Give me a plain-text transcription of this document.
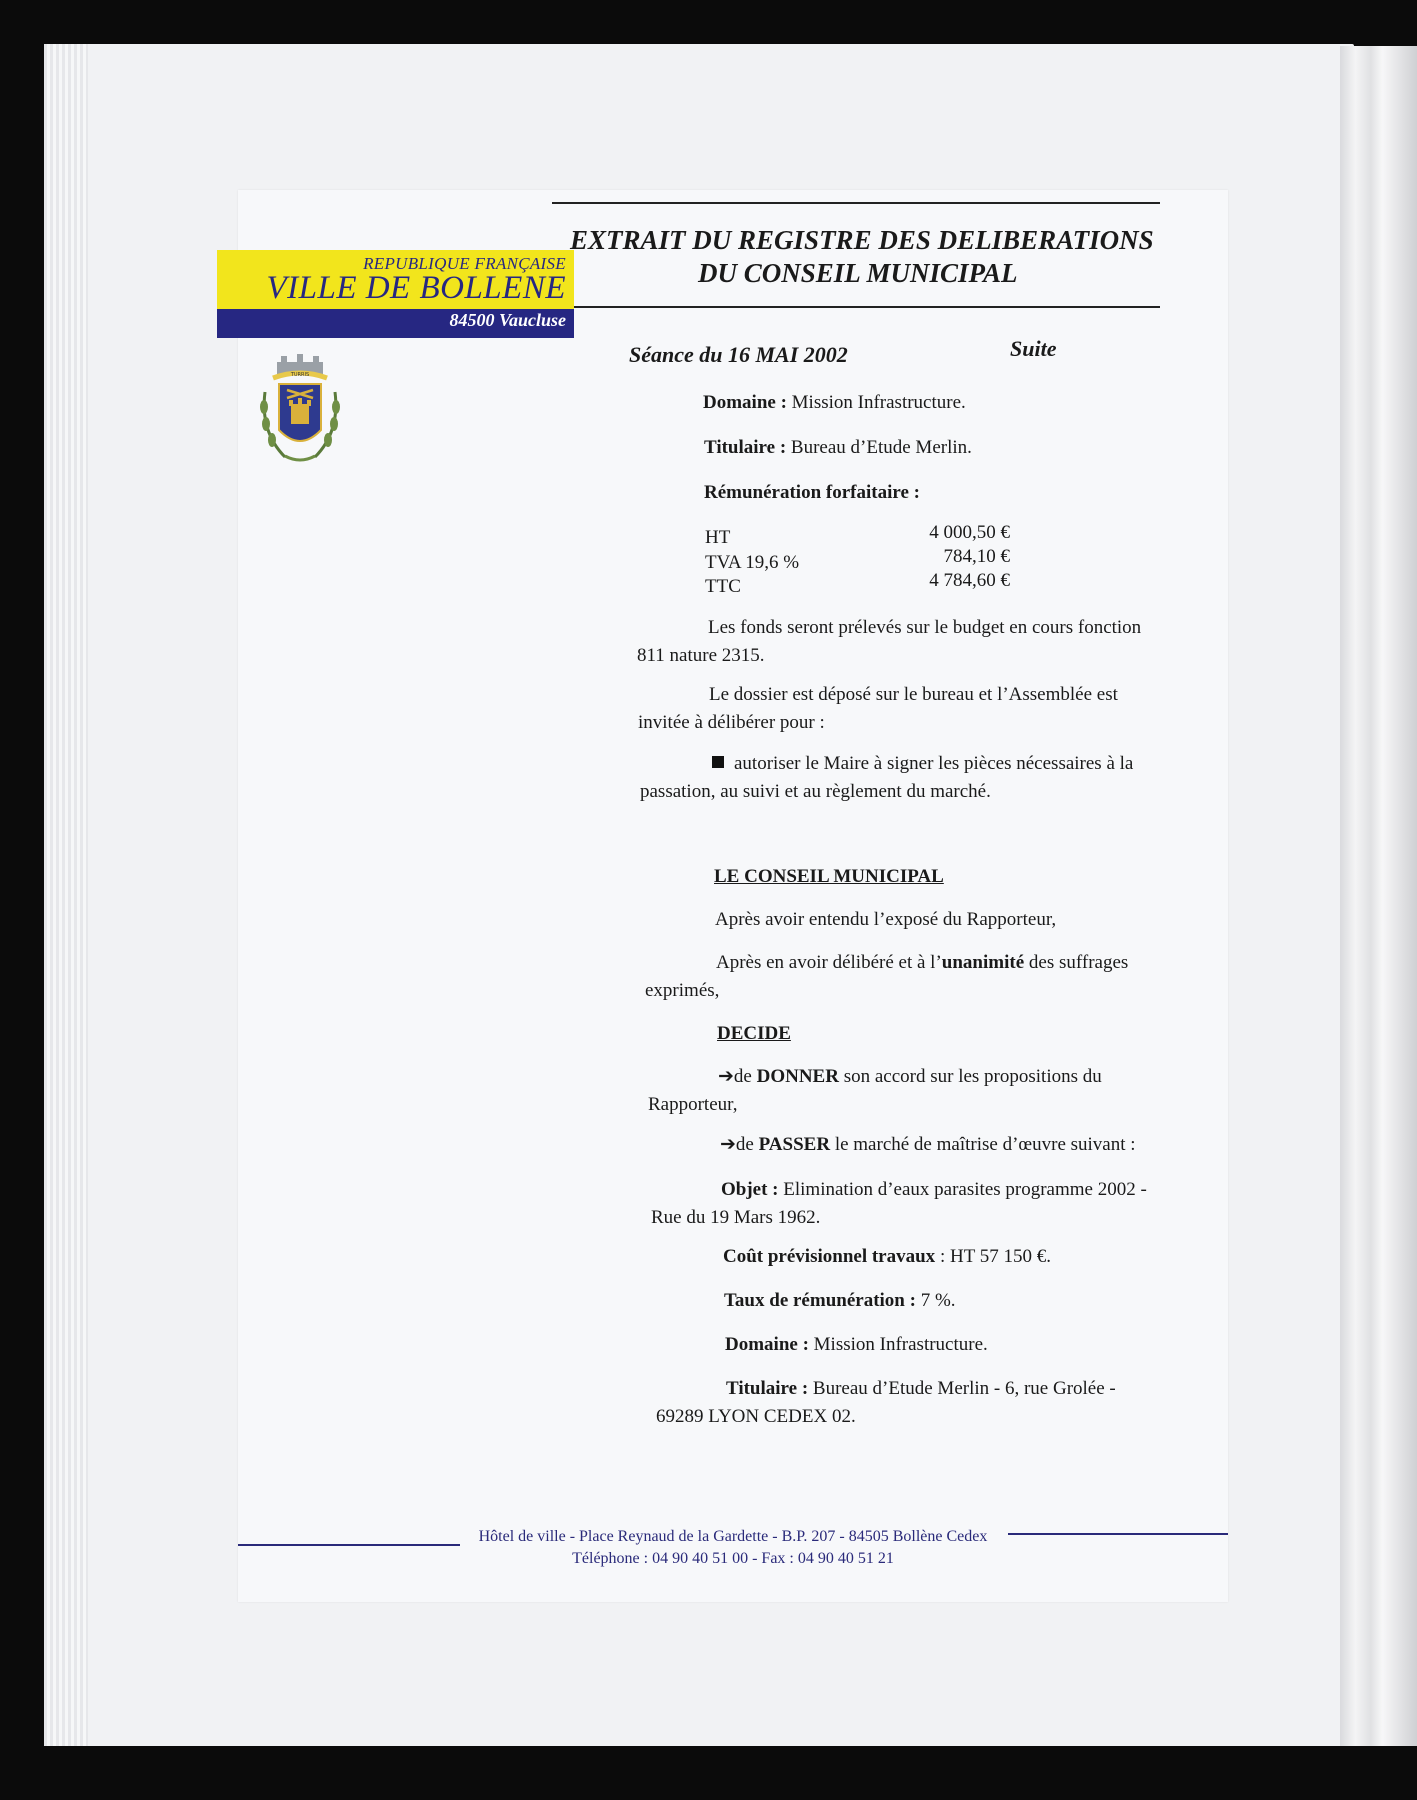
REPUBLIQUE FRANÇAISE
VILLE DE BOLLENE
84500 Vaucluse
TURRIS
EXTRAIT DU REGISTRE DES DELIBERATIONS
DU CONSEIL MUNICIPAL
Séance du 16 MAI 2002	Suite
Domaine : Mission Infrastructure.
Titulaire : Bureau d’Etude Merlin.
Rémunération forfaitaire :
HT	4 000,50 €
TVA 19,6 %	784,10 €
TTC	4 784,60 €
Les fonds seront prélevés sur le budget en cours fonction
811 nature 2315.
Le dossier est déposé sur le bureau et l’Assemblée est
invitée à délibérer pour :
autoriser le Maire à signer les pièces nécessaires à la
passation, au suivi et au règlement du marché.
LE CONSEIL MUNICIPAL
Après avoir entendu l’exposé du Rapporteur,
Après en avoir délibéré et à l’unanimité des suffrages
exprimés,
DECIDE
➔de DONNER son accord sur les propositions du
Rapporteur,
➔de PASSER le marché de maîtrise d’œuvre suivant :
Objet : Elimination d’eaux parasites programme 2002 -
Rue du 19 Mars 1962.
Coût prévisionnel travaux : HT 57 150 €.
Taux de rémunération : 7 %.
Domaine : Mission Infrastructure.
Titulaire : Bureau d’Etude Merlin - 6, rue Grolée -
69289 LYON CEDEX 02.
Hôtel de ville - Place Reynaud de la Gardette - B.P. 207 - 84505 Bollène Cedex
Téléphone : 04 90 40 51 00 - Fax : 04 90 40 51 21
